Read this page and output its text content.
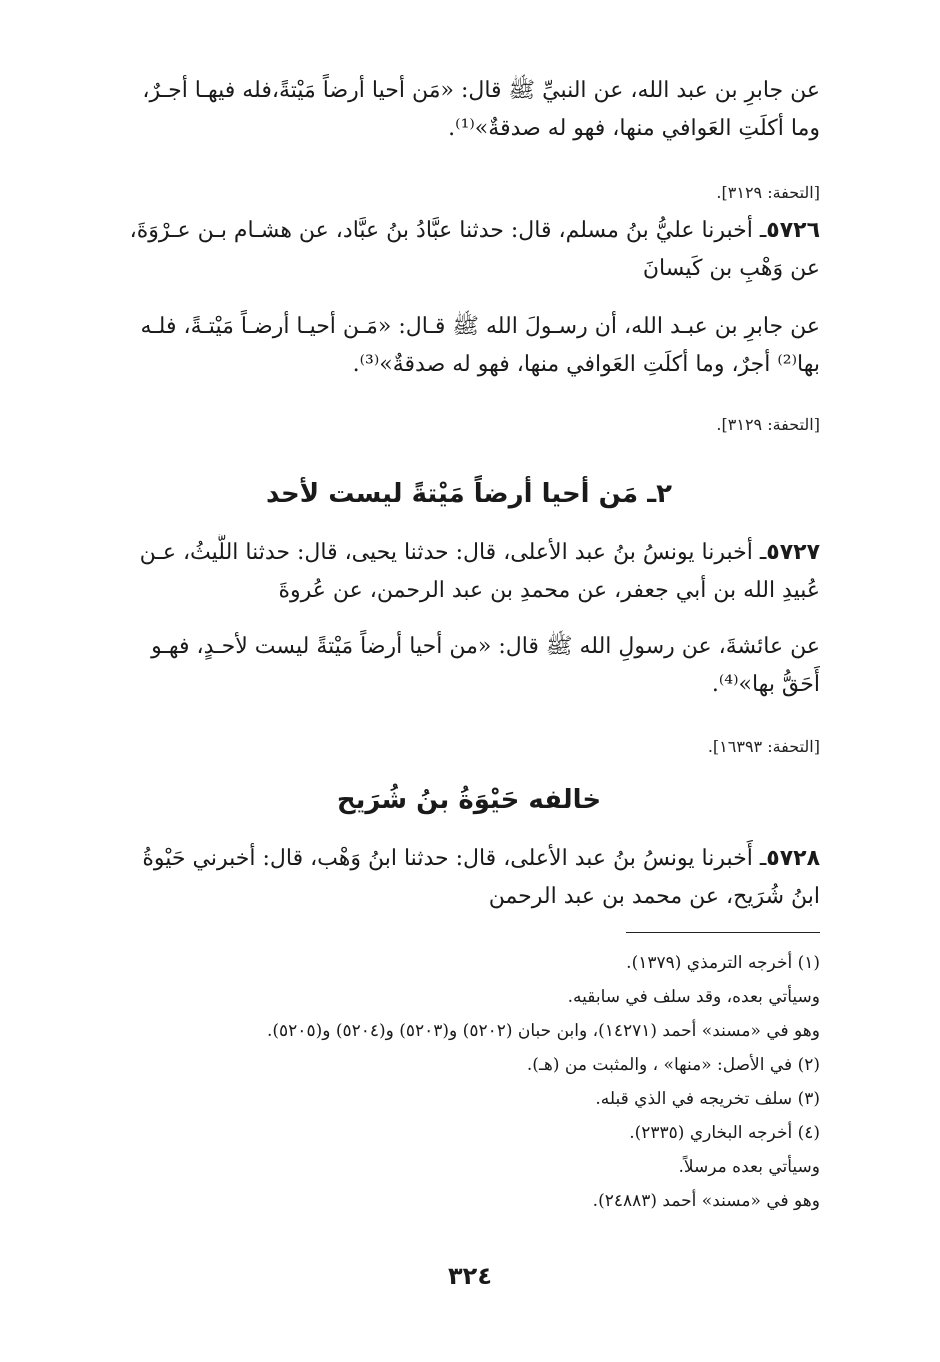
عن جابرِ بن عبد الله، عن النبيِّ ﷺ قال: «مَن أحيا أرضاً مَيْتةً،فله فيهـا أجـرٌ،
وما أكلَتِ العَوافي منها، فهو له صدقةٌ»⁽¹⁾.

[التحفة: ٣١٢٩].

٥٧٢٦ـ أخبرنا عليُّ بنُ مسلم، قال: حدثنا عبَّادُ بنُ عبَّاد، عن هشـام بـن عـرْوَةَ،
عن وَهْبِ بن كَيسانَ

عن جابرِ بن عبـد الله، أن رسـولَ الله ﷺ قـال: «مَـن أحيـا أرضـاً مَيْتـةً، فلـه
بها⁽²⁾ أجرٌ، وما أكلَتِ العَوافي منها، فهو له صدقةٌ»⁽³⁾.

[التحفة: ٣١٢٩].
٢ـ مَن أحيا أرضاً مَيْتةً ليست لأحد

٥٧٢٧ـ أخبرنا يونسُ بنُ عبد الأعلى، قال: حدثنا يحيى، قال: حدثنا اللَّيثُ، عـن
عُبيدِ الله بن أبي جعفر، عن محمدِ بن عبد الرحمن، عن عُروةَ

عن عائشةَ، عن رسولِ الله ﷺ قال: «من أحيا أرضاً مَيْتةً ليست لأحـدٍ، فهـو
أَحَقُّ بها»⁽⁴⁾.

[التحفة: ١٦٣٩٣].
خالفه حَيْوَةُ بنُ شُرَيح

٥٧٢٨ـ أَخبرنا يونسُ بنُ عبد الأعلى، قال: حدثنا ابنُ وَهْب، قال: أخبرني حَيْوةُ
ابنُ شُرَيح، عن محمد بن عبد الرحمن

(١) أخرجه الترمذي (١٣٧٩).
وسيأتي بعده، وقد سلف في سابقيه.
وهو في «مسند» أحمد (١٤٢٧١)، وابن حبان (٥٢٠٢) و(٥٢٠٣) و(٥٢٠٤) و(٥٢٠٥).
(٢) في الأصل: «منها» ، والمثبت من (هـ).
(٣) سلف تخريجه في الذي قبله.
(٤) أخرجه البخاري (٢٣٣٥).
وسيأتي بعده مرسلاً.
وهو في «مسند» أحمد (٢٤٨٨٣).
٣٢٤
